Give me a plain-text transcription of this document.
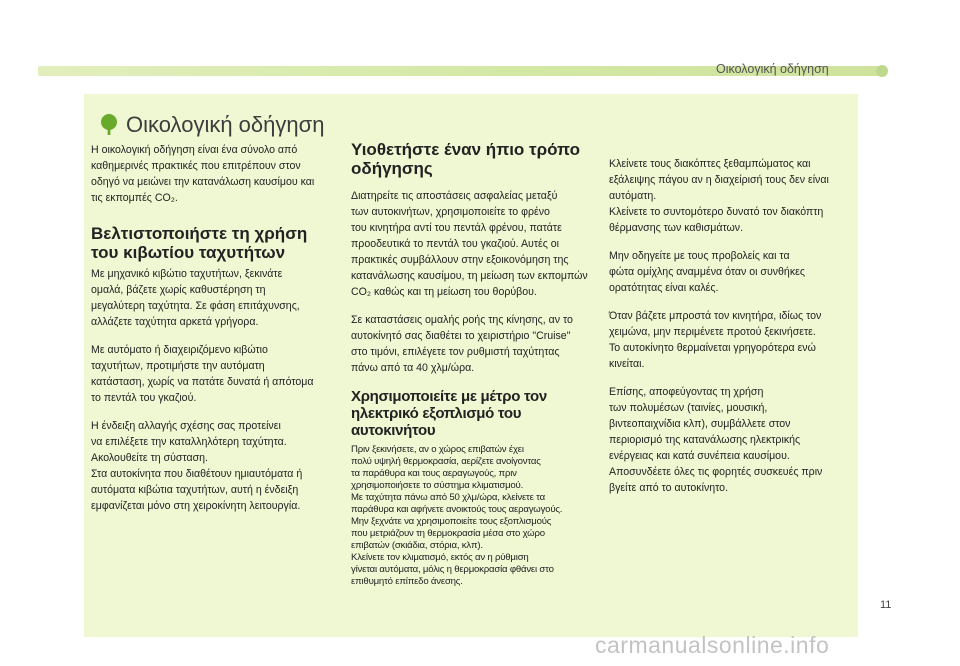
Οικολογική οδήγηση
Οικολογική οδήγηση

Η οικολογική οδήγηση είναι ένα σύνολο από
καθημερινές πρακτικές που επιτρέπουν στον
οδηγό να μειώνει την κατανάλωση καυσίμου και
τις εκπομπές CO₂.

Βελτιστοποιήστε τη χρήση
του κιβωτίου ταχυτήτων

Με μηχανικό κιβώτιο ταχυτήτων, ξεκινάτε
ομαλά, βάζετε χωρίς καθυστέρηση τη
μεγαλύτερη ταχύτητα. Σε φάση επιτάχυνσης,
αλλάζετε ταχύτητα αρκετά γρήγορα.

Με αυτόματο ή διαχειριζόμενο κιβώτιο
ταχυτήτων, προτιμήστε την αυτόματη
κατάσταση, χωρίς να πατάτε δυνατά ή απότομα
το πεντάλ του γκαζιού.

Η ένδειξη αλλαγής σχέσης σας προτείνει
να επιλέξετε την καταλληλότερη ταχύτητα.
Ακολουθείτε τη σύσταση.
Στα αυτοκίνητα που διαθέτουν ημιαυτόματα ή
αυτόματα κιβώτια ταχυτήτων, αυτή η ένδειξη
εμφανίζεται μόνο στη χειροκίνητη λειτουργία.

Υιοθετήστε έναν ήπιο τρόπο
οδήγησης

Διατηρείτε τις αποστάσεις ασφαλείας μεταξύ
των αυτοκινήτων, χρησιμοποιείτε το φρένο
του κινητήρα αντί του πεντάλ φρένου, πατάτε
προοδευτικά το πεντάλ του γκαζιού. Αυτές οι
πρακτικές συμβάλλουν στην εξοικονόμηση της
κατανάλωσης καυσίμου, τη μείωση των εκπομπών
CO₂ καθώς και τη μείωση του θορύβου.

Σε καταστάσεις ομαλής ροής της κίνησης, αν το
αυτοκίνητό σας διαθέτει το χειριστήριο "Cruise"
στο τιμόνι, επιλέγετε τον ρυθμιστή ταχύτητας
πάνω από τα 40 χλμ/ώρα.

Χρησιμοποιείτε με μέτρο τον
ηλεκτρικό εξοπλισμό του αυτοκινήτου

Πριν ξεκινήσετε, αν ο χώρος επιβατών έχει
πολύ υψηλή θερμοκρασία, αερίζετε ανοίγοντας
τα παράθυρα και τους αεραγωγούς, πριν
χρησιμοποιήσετε το σύστημα κλιματισμού.
Με ταχύτητα πάνω από 50 χλμ/ώρα, κλείνετε τα
παράθυρα και αφήνετε ανοικτούς τους αεραγωγούς.
Μην ξεχνάτε να χρησιμοποιείτε τους εξοπλισμούς
που μετριάζουν τη θερμοκρασία μέσα στο χώρο
επιβατών (σκιάδια, στόρια, κλπ).
Κλείνετε τον κλιματισμό, εκτός αν η ρύθμιση
γίνεται αυτόματα, μόλις η θερμοκρασία φθάνει στο
επιθυμητό επίπεδο άνεσης.

Κλείνετε τους διακόπτες ξεθαμπώματος και
εξάλειψης πάγου αν η διαχείρισή τους δεν είναι
αυτόματη.
Κλείνετε το συντομότερο δυνατό τον διακόπτη
θέρμανσης των καθισμάτων.

Μην οδηγείτε με τους προβολείς και τα
φώτα ομίχλης αναμμένα όταν οι συνθήκες
ορατότητας είναι καλές.

Όταν βάζετε μπροστά τον κινητήρα, ιδίως τον
χειμώνα, μην περιμένετε προτού ξεκινήσετε.
Το αυτοκίνητο θερμαίνεται γρηγορότερα ενώ
κινείται.

Επίσης, αποφεύγοντας τη χρήση
των πολυμέσων (ταινίες, μουσική,
βιντεοπαιχνίδια κλπ), συμβάλλετε στον
περιορισμό της κατανάλωσης ηλεκτρικής
ενέργειας και κατά συνέπεια καυσίμου.
Αποσυνδέετε όλες τις φορητές συσκευές πριν
βγείτε από το αυτοκίνητο.

11
carmanualsonline.info
